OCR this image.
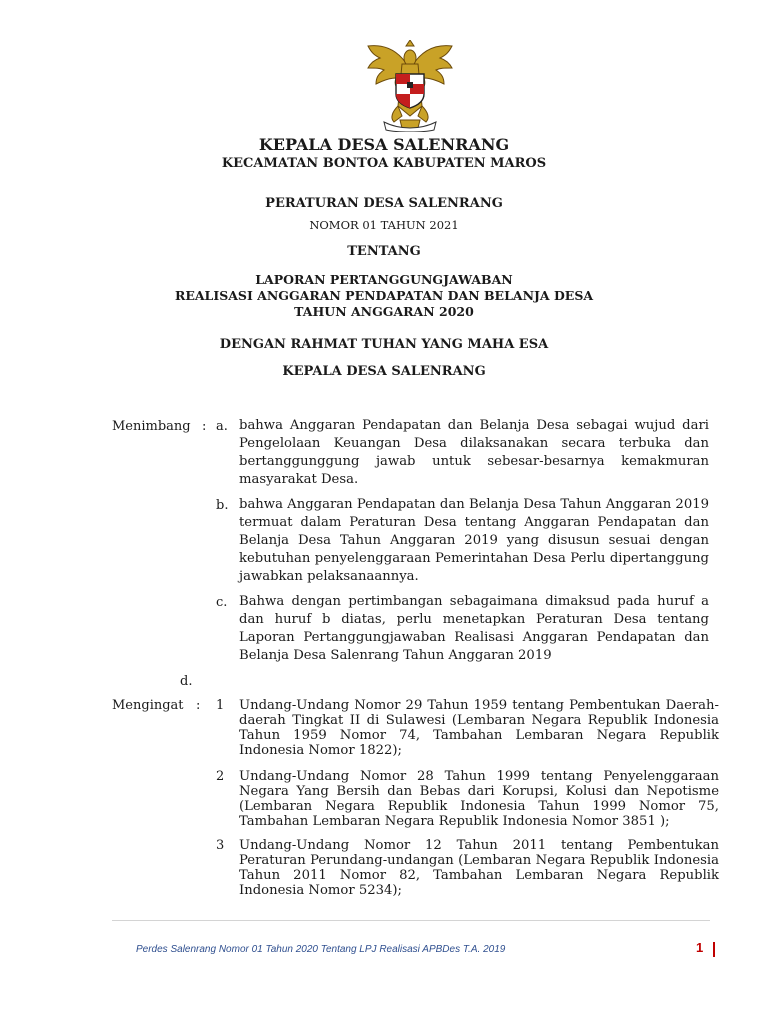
KEPALA DESA SALENRANG

KECAMATAN BONTOA KABUPATEN MAROS

PERATURAN DESA SALENRANG

NOMOR 01 TAHUN 2021

TENTANG

LAPORAN PERTANGGUNGJAWABAN

REALISASI ANGGARAN PENDAPATAN DAN BELANJA DESA

TAHUN ANGGARAN 2020

DENGAN RAHMAT TUHAN YANG MAHA ESA

KEPALA DESA SALENRANG

Menimbang : a. bahwa Anggaran Pendapatan dan Belanja Desa sebagai wujud dari Pengelolaan Keuangan Desa dilaksanakan secara terbuka dan bertanggunggung jawab untuk sebesar-besarnya kemakmuran masyarakat Desa.

b. bahwa Anggaran Pendapatan dan Belanja Desa Tahun Anggaran 2019 termuat dalam Peraturan Desa tentang Anggaran Pendapatan dan Belanja Desa Tahun Anggaran 2019 yang disusun sesuai dengan kebutuhan penyelenggaraan Pemerintahan Desa Perlu dipertanggung jawabkan pelaksanaannya.

c. Bahwa dengan pertimbangan sebagaimana dimaksud pada huruf a dan huruf b diatas, perlu menetapkan Peraturan Desa tentang Laporan Pertanggungjawaban Realisasi Anggaran Pendapatan dan Belanja Desa Salenrang Tahun Anggaran 2019

d.
Mengingat : 1 Undang-Undang Nomor 29 Tahun 1959 tentang Pembentukan Daerah-daerah Tingkat II di Sulawesi (Lembaran Negara Republik Indonesia Tahun 1959 Nomor 74, Tambahan Lembaran Negara Republik Indonesia Nomor 1822);

2 Undang-Undang Nomor 28 Tahun 1999 tentang Penyelenggaraan Negara Yang Bersih dan Bebas dari Korupsi, Kolusi dan Nepotisme (Lembaran Negara Republik Indonesia Tahun 1999 Nomor 75, Tambahan Lembaran Negara Republik Indonesia Nomor 3851 );

3 Undang-Undang Nomor 12 Tahun 2011 tentang Pembentukan Peraturan Perundang-undangan (Lembaran Negara Republik Indonesia Tahun 2011 Nomor 82, Tambahan Lembaran Negara Republik Indonesia Nomor 5234);

Perdes Salenrang Nomor 01 Tahun 2020 Tentang LPJ Realisasi APBDes T.A. 2019	1
